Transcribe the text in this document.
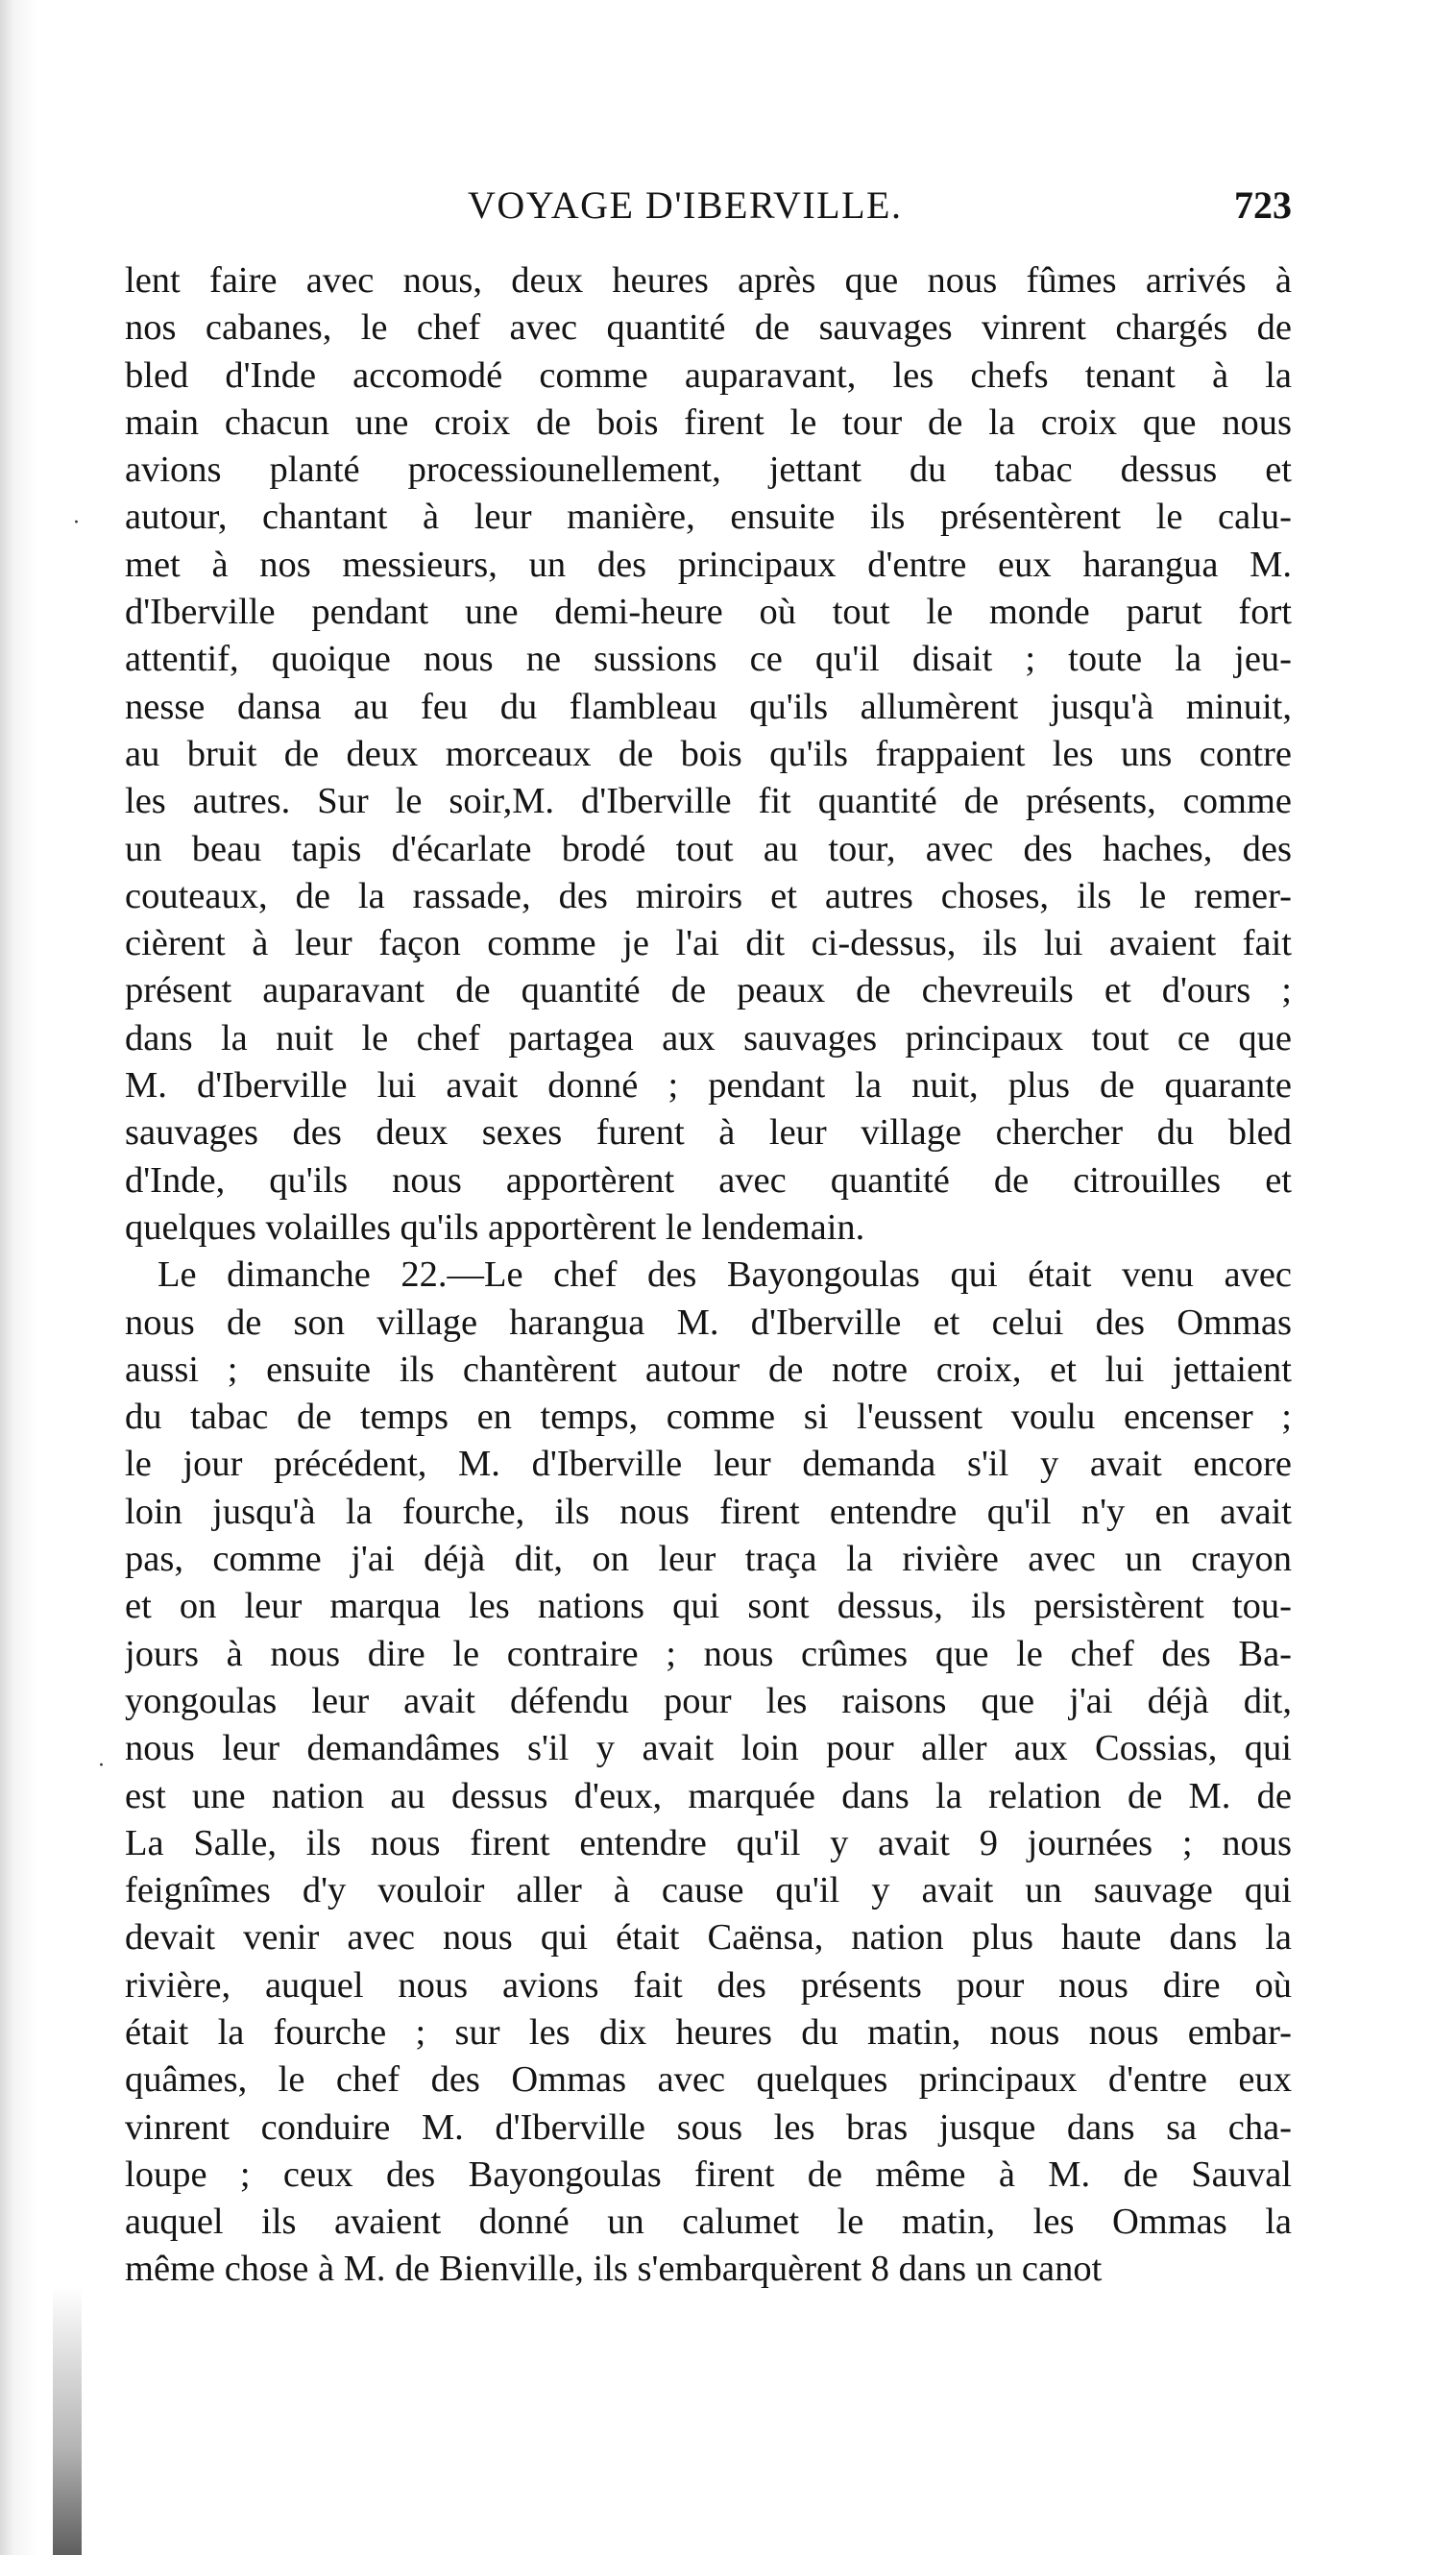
VOYAGE D'IBERVILLE.	723
·
·
lent faire avec nous, deux heures après que nous fûmes arrivés à
nos cabanes, le chef avec quantité de sauvages vinrent chargés de
bled d'Inde accomodé comme auparavant, les chefs tenant à la
main chacun une croix de bois firent le tour de la croix que nous
avions planté processiounellement, jettant du tabac dessus et
autour, chantant à leur manière, ensuite ils présentèrent le calu-
met à nos messieurs, un des principaux d'entre eux harangua M.
d'Iberville pendant une demi-heure où tout le monde parut fort
attentif, quoique nous ne sussions ce qu'il disait ; toute la jeu-
nesse dansa au feu du flambleau qu'ils allumèrent jusqu'à minuit,
au bruit de deux morceaux de bois qu'ils frappaient les uns contre
les autres. Sur le soir,M. d'Iberville fit quantité de présents, comme
un beau tapis d'écarlate brodé tout au tour, avec des haches, des
couteaux, de la rassade, des miroirs et autres choses, ils le remer-
cièrent à leur façon comme je l'ai dit ci-dessus, ils lui avaient fait
présent auparavant de quantité de peaux de chevreuils et d'ours ;
dans la nuit le chef partagea aux sauvages principaux tout ce que
M. d'Iberville lui avait donné ; pendant la nuit, plus de quarante
sauvages des deux sexes furent à leur village chercher du bled
d'Inde, qu'ils nous apportèrent avec quantité de citrouilles et
quelques volailles qu'ils apportèrent le lendemain.
Le dimanche 22.—Le chef des Bayongoulas qui était venu avec
nous de son village harangua M. d'Iberville et celui des Ommas
aussi ; ensuite ils chantèrent autour de notre croix, et lui jettaient
du tabac de temps en temps, comme si l'eussent voulu encenser ;
le jour précédent, M. d'Iberville leur demanda s'il y avait encore
loin jusqu'à la fourche, ils nous firent entendre qu'il n'y en avait
pas, comme j'ai déjà dit, on leur traça la rivière avec un crayon
et on leur marqua les nations qui sont dessus, ils persistèrent tou-
jours à nous dire le contraire ; nous crûmes que le chef des Ba-
yongoulas leur avait défendu pour les raisons que j'ai déjà dit,
nous leur demandâmes s'il y avait loin pour aller aux Cossias, qui
est une nation au dessus d'eux, marquée dans la relation de M. de
La Salle, ils nous firent entendre qu'il y avait 9 journées ; nous
feignîmes d'y vouloir aller à cause qu'il y avait un sauvage qui
devait venir avec nous qui était Caënsa, nation plus haute dans la
rivière, auquel nous avions fait des présents pour nous dire où
était la fourche ; sur les dix heures du matin, nous nous embar-
quâmes, le chef des Ommas avec quelques principaux d'entre eux
vinrent conduire M. d'Iberville sous les bras jusque dans sa cha-
loupe ; ceux des Bayongoulas firent de même à M. de Sauval
auquel ils avaient donné un calumet le matin, les Ommas la
même chose à M. de Bienville, ils s'embarquèrent 8 dans un canot
